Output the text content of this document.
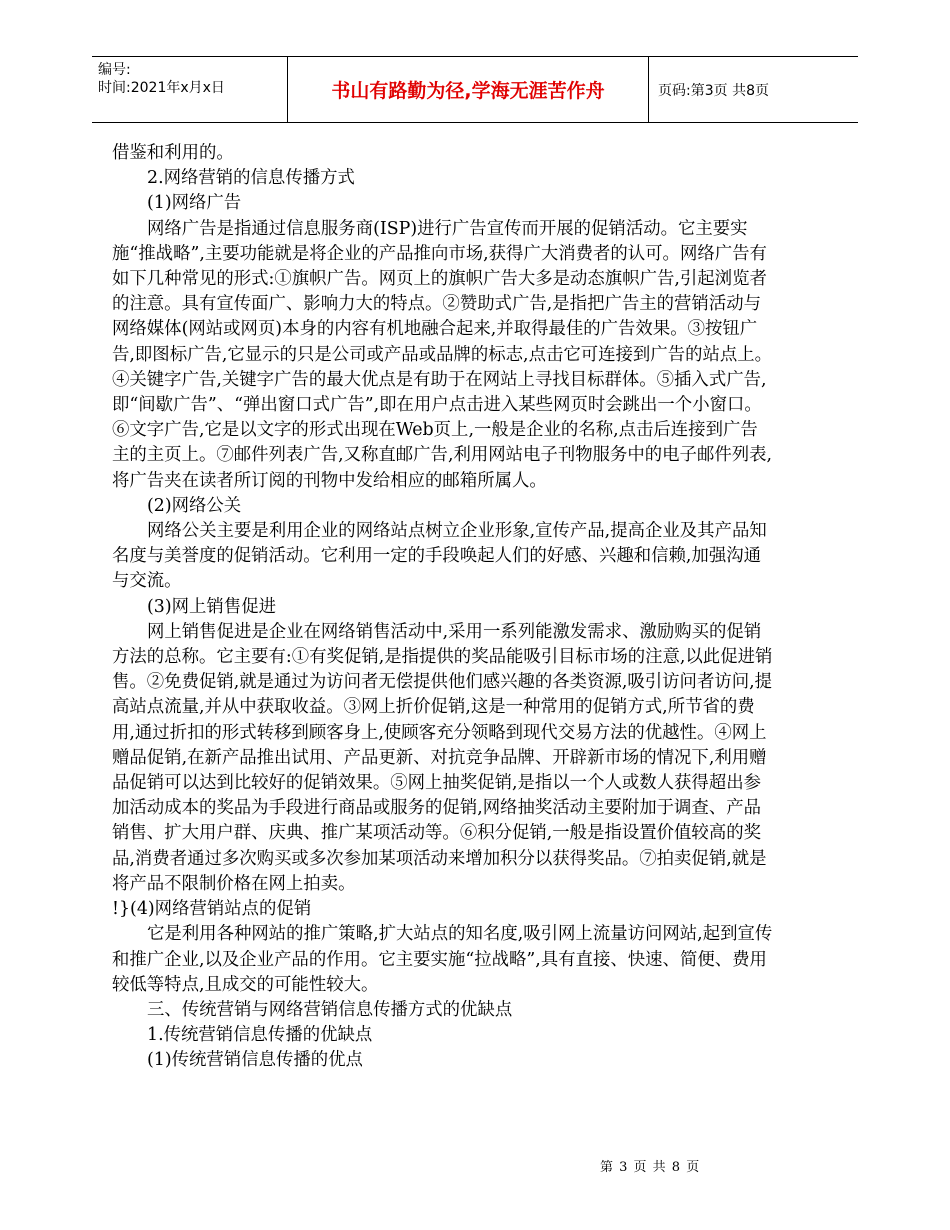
编号:
时间:2021年x月x日	书山有路勤为径,学海无涯苦作舟	页码:第3页 共8页

借鉴和利用的。

2.网络营销的信息传播方式

(1)网络广告

网络广告是指通过信息服务商(ISP)进行广告宣传而开展的促销活动。它主要实施“推战略”,主要功能就是将企业的产品推向市场,获得广大消费者的认可。网络广告有如下几种常见的形式:①旗帜广告。网页上的旗帜广告大多是动态旗帜广告,引起浏览者的注意。具有宣传面广、影响力大的特点。②赞助式广告,是指把广告主的营销活动与网络媒体(网站或网页)本身的内容有机地融合起来,并取得最佳的广告效果。③按钮广告,即图标广告,它显示的只是公司或产品或品牌的标志,点击它可连接到广告的站点上。④关键字广告,关键字广告的最大优点是有助于在网站上寻找目标群体。⑤插入式广告,即“间歇广告”、“弹出窗口式广告”,即在用户点击进入某些网页时会跳出一个小窗口。⑥文字广告,它是以文字的形式出现在Web页上,一般是企业的名称,点击后连接到广告主的主页上。⑦邮件列表广告,又称直邮广告,利用网站电子刊物服务中的电子邮件列表,将广告夹在读者所订阅的刊物中发给相应的邮箱所属人。

(2)网络公关

网络公关主要是利用企业的网络站点树立企业形象,宣传产品,提高企业及其产品知名度与美誉度的促销活动。它利用一定的手段唤起人们的好感、兴趣和信赖,加强沟通与交流。

(3)网上销售促进

网上销售促进是企业在网络销售活动中,采用一系列能激发需求、激励购买的促销方法的总称。它主要有:①有奖促销,是指提供的奖品能吸引目标市场的注意,以此促进销售。②免费促销,就是通过为访问者无偿提供他们感兴趣的各类资源,吸引访问者访问,提高站点流量,并从中获取收益。③网上折价促销,这是一种常用的促销方式,所节省的费用,通过折扣的形式转移到顾客身上,使顾客充分领略到现代交易方法的优越性。④网上赠品促销,在新产品推出试用、产品更新、对抗竞争品牌、开辟新市场的情况下,利用赠品促销可以达到比较好的促销效果。⑤网上抽奖促销,是指以一个人或数人获得超出参加活动成本的奖品为手段进行商品或服务的促销,网络抽奖活动主要附加于调查、产品销售、扩大用户群、庆典、推广某项活动等。⑥积分促销,一般是指设置价值较高的奖品,消费者通过多次购买或多次参加某项活动来增加积分以获得奖品。⑦拍卖促销,就是将产品不限制价格在网上拍卖。

!}(4)网络营销站点的促销

它是利用各种网站的推广策略,扩大站点的知名度,吸引网上流量访问网站,起到宣传和推广企业,以及企业产品的作用。它主要实施“拉战略”,具有直接、快速、简便、费用较低等特点,且成交的可能性较大。

三、传统营销与网络营销信息传播方式的优缺点

1.传统营销信息传播的优缺点

(1)传统营销信息传播的优点

第 3 页 共 8 页
